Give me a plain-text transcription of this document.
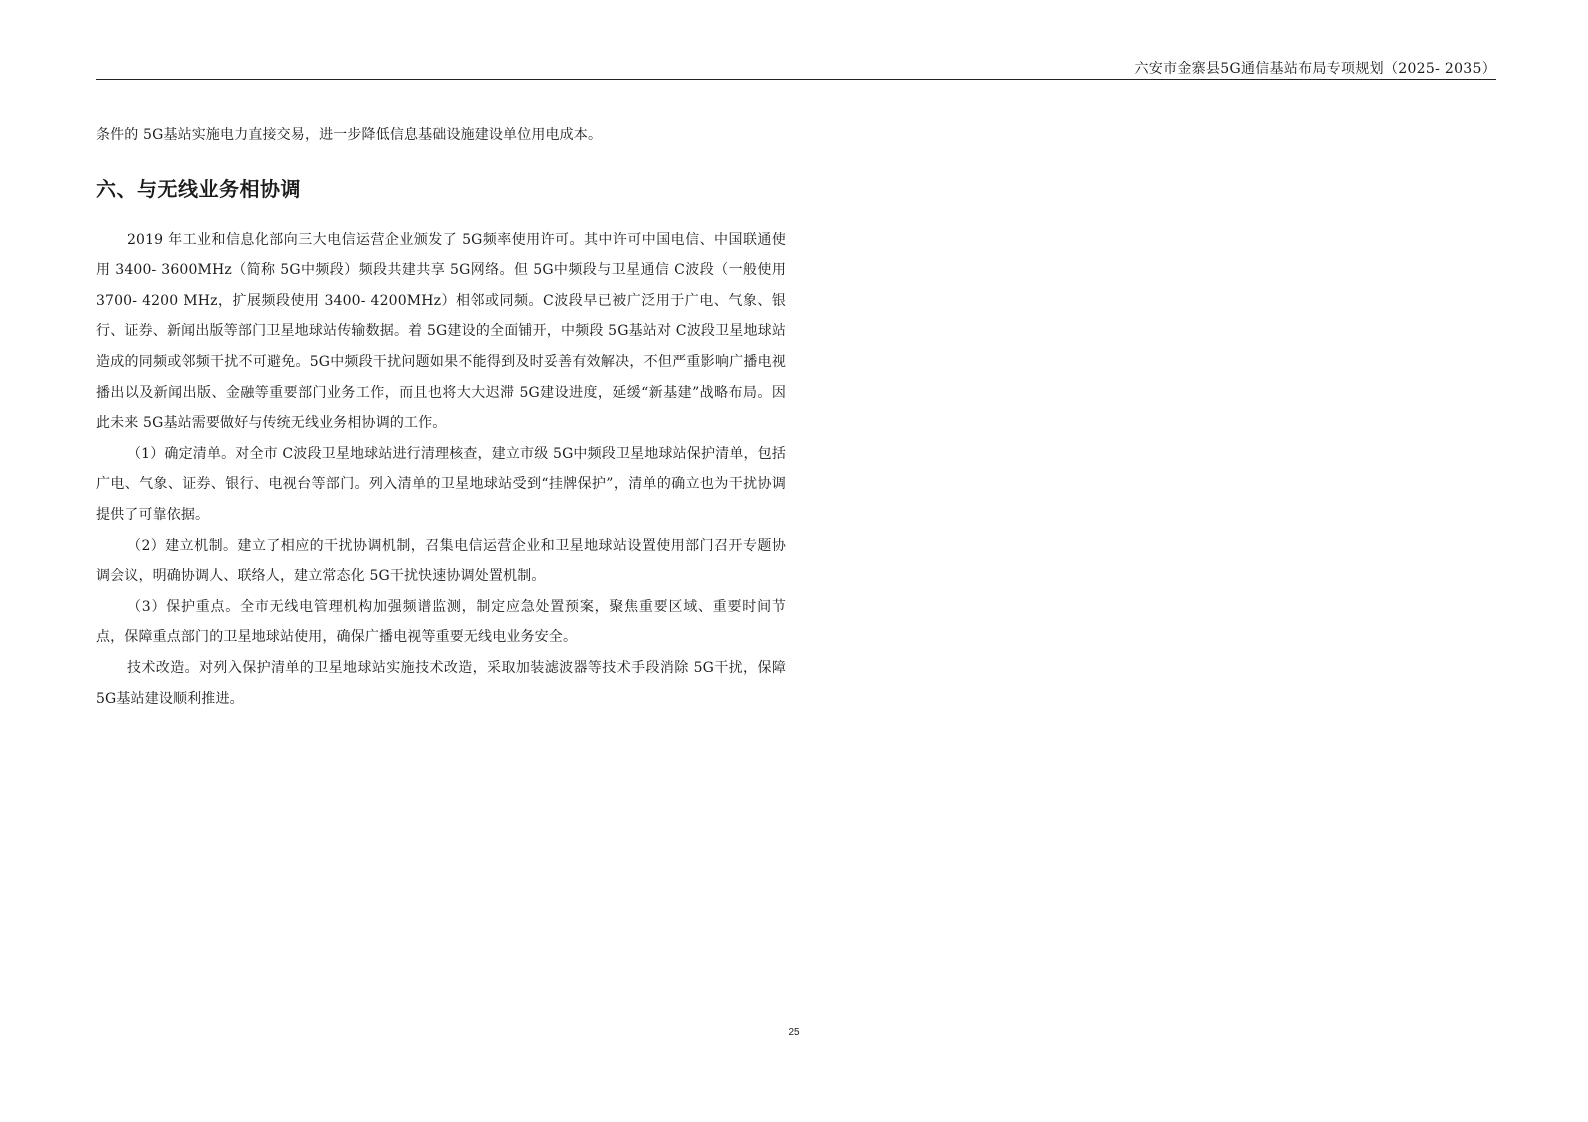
六安市金寨县5G通信基站布局专项规划（2025- 2035）

条件的 5G基站实施电力直接交易，进一步降低信息基础设施建设单位用电成本。

六、与无线业务相协调

2019 年工业和信息化部向三大电信运营企业颁发了 5G频率使用许可。其中许可中国电信、中国联通使用 3400- 3600MHz（简称 5G中频段）频段共建共享 5G网络。但 5G中频段与卫星通信 C波段（一般使用 3700- 4200 MHz，扩展频段使用 3400- 4200MHz）相邻或同频。C波段早已被广泛用于广电、气象、银行、证券、新闻出版等部门卫星地球站传输数据。着 5G建设的全面铺开，中频段 5G基站对 C波段卫星地球站造成的同频或邻频干扰不可避免。5G中频段干扰问题如果不能得到及时妥善有效解决，不但严重影响广播电视播出以及新闻出版、金融等重要部门业务工作，而且也将大大迟滞 5G建设进度，延缓“新基建”战略布局。因此未来 5G基站需要做好与传统无线业务相协调的工作。

（1）确定清单。对全市 C波段卫星地球站进行清理核查，建立市级 5G中频段卫星地球站保护清单，包括广电、气象、证券、银行、电视台等部门。列入清单的卫星地球站受到“挂牌保护”，清单的确立也为干扰协调提供了可靠依据。

（2）建立机制。建立了相应的干扰协调机制，召集电信运营企业和卫星地球站设置使用部门召开专题协调会议，明确协调人、联络人，建立常态化 5G干扰快速协调处置机制。

（3）保护重点。全市无线电管理机构加强频谱监测，制定应急处置预案，聚焦重要区域、重要时间节点，保障重点部门的卫星地球站使用，确保广播电视等重要无线电业务安全。

技术改造。对列入保护清单的卫星地球站实施技术改造，采取加装滤波器等技术手段消除 5G干扰，保障 5G基站建设顺利推进。

25
